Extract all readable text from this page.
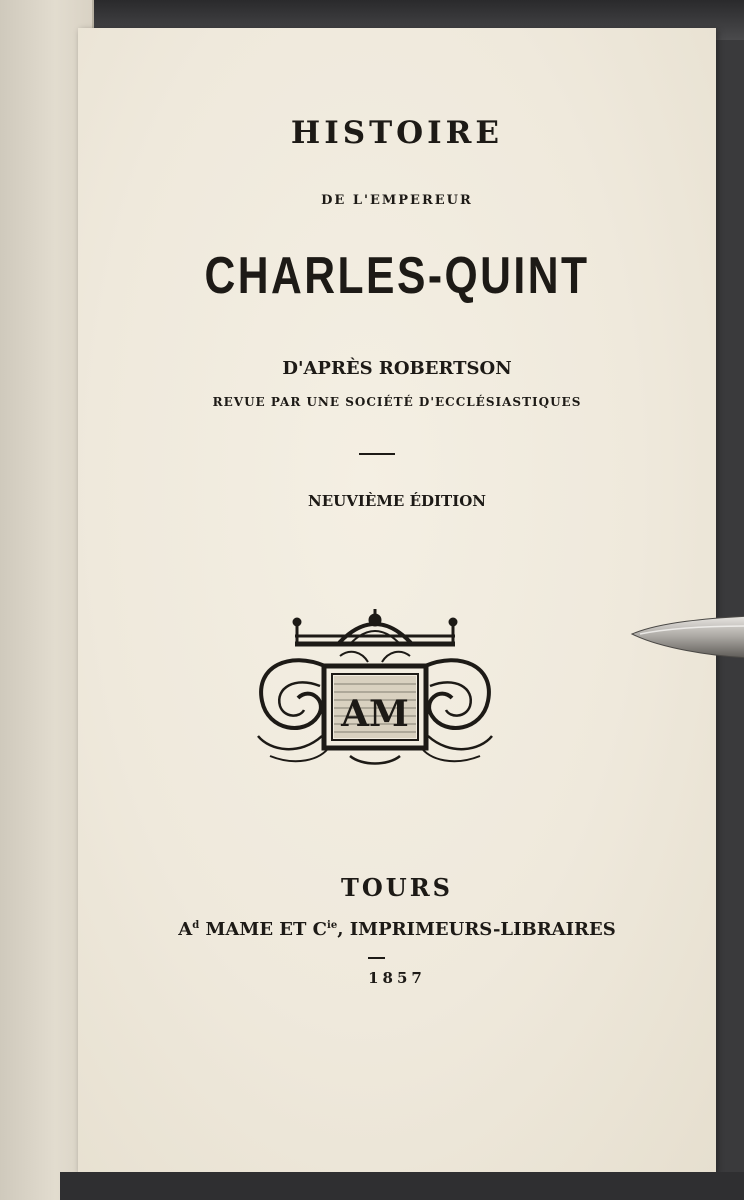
HISTOIRE
DE L'EMPEREUR
CHARLES-QUINT
D'APRÈS ROBERTSON
REVUE PAR UNE SOCIÉTÉ D'ECCLÉSIASTIQUES
NEUVIÈME ÉDITION
AM
TOURS
$A^d$ MAME ET $C^{ie}$, IMPRIMEURS-LIBRAIRES
1857
